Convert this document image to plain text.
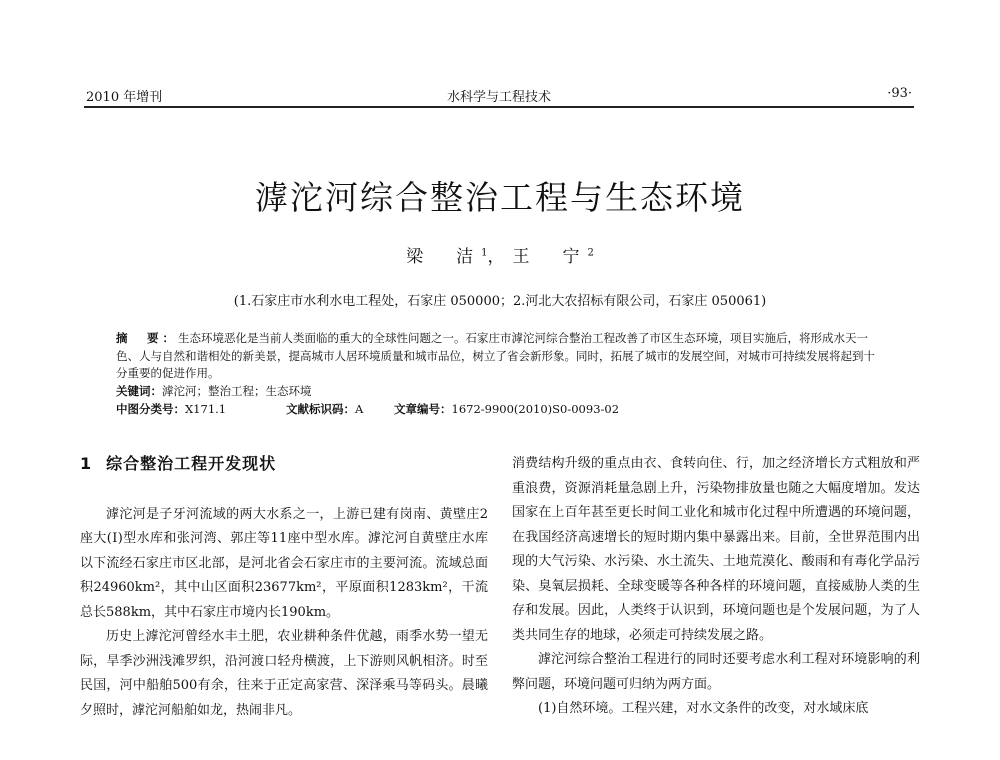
2010 年增刊	水科学与工程技术	·93·
滹沱河综合整治工程与生态环境
梁　洁$^1$，王　宁$^2$
(1.石家庄市水利水电工程处，石家庄 050000；2.河北大农招标有限公司，石家庄 050061)
摘　要：生态环境恶化是当前人类面临的重大的全球性问题之一。石家庄市滹沱河综合整治工程改善了市区生态环境，项目实施后，将形成水天一色、人与自然和谐相处的新美景，提高城市人居环境质量和城市品位，树立了省会新形象。同时，拓展了城市的发展空间，对城市可持续发展将起到十分重要的促进作用。
关键词：滹沱河；整治工程；生态环境
中图分类号：X171.1	文献标识码：A	文章编号：1672-9900(2010)S0-0093-02
1 综合整治工程开发现状

滹沱河是子牙河流域的两大水系之一，上游已建有岗南、黄壁庄2座大(Ⅰ)型水库和张河湾、郭庄等11座中型水库。滹沱河自黄壁庄水库以下流经石家庄市区北部，是河北省会石家庄市的主要河流。流域总面积24960km²，其中山区面积23677km²，平原面积1283km²，干流总长588km，其中石家庄市境内长190km。

历史上滹沱河曾经水丰土肥，农业耕种条件优越，雨季水势一望无际，旱季沙洲浅滩罗织，沿河渡口轻舟横渡，上下游则风帆相济。时至民国，河中船舶500有余，往来于正定高家营、深泽乘马等码头。晨曦夕照时，滹沱河船舶如龙，热闹非凡。

消费结构升级的重点由衣、食转向住、行，加之经济增长方式粗放和严重浪费，资源消耗量急剧上升，污染物排放量也随之大幅度增加。发达国家在上百年甚至更长时间工业化和城市化过程中所遭遇的环境问题，在我国经济高速增长的短时期内集中暴露出来。目前，全世界范围内出现的大气污染、水污染、水土流失、土地荒漠化、酸雨和有毒化学品污染、臭氧层损耗、全球变暖等各种各样的环境问题，直接威胁人类的生存和发展。因此，人类终于认识到，环境问题也是个发展问题，为了人类共同生存的地球，必须走可持续发展之路。

滹沱河综合整治工程进行的同时还要考虑水利工程对环境影响的利弊问题，环境问题可归纳为两方面。

(1)自然环境。工程兴建，对水文条件的改变，对水域床底
